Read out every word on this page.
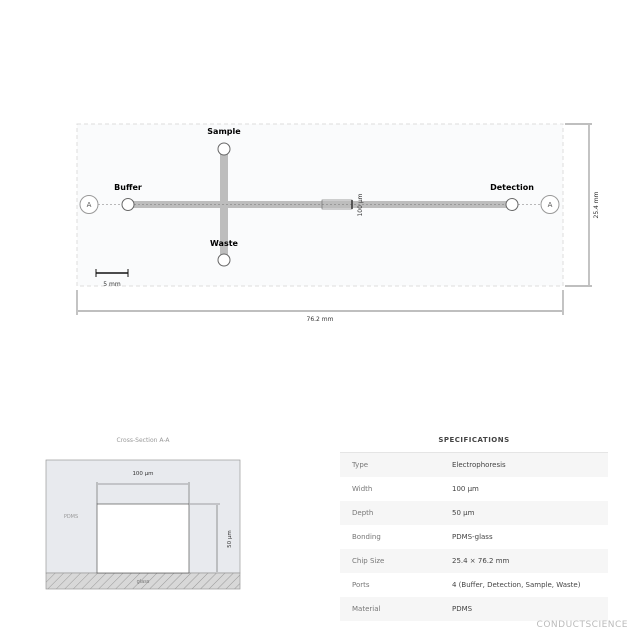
100 µm
A	A
Sample
Buffer
Waste
Detection
5 mm
76.2 mm
25.4 mm
Cross-Section A-A
100 µm
50 µm
PDMS
glass
SPECIFICATIONS
Type	Electrophoresis
Width	100 µm
Depth	50 µm
Bonding	PDMS-glass
Chip Size	25.4 × 76.2 mm
Ports	4 (Buffer, Detection, Sample, Waste)
Material	PDMS
CONDUCTSCIENCE
